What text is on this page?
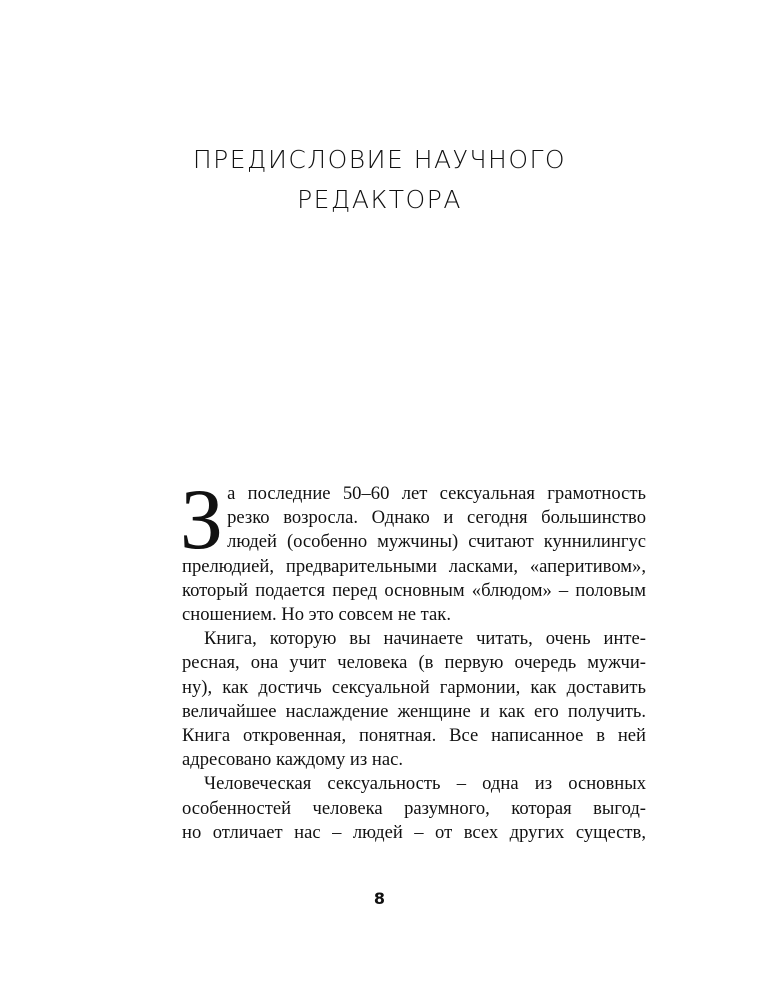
ПРЕДИСЛОВИЕ НАУЧНОГО
РЕДАКТОРА
З а последние 50–60 лет сексуальная грамотность
резко возросла. Однако и сегодня большинство
людей (особенно мужчины) считают куннилингус
прелюдией, предварительными ласками, «аперитивом»,
который подается перед основным «блюдом» – половым
сношением. Но это совсем не так.
Книга, которую вы начинаете читать, очень инте-
ресная, она учит человека (в первую очередь мужчи-
ну), как достичь сексуальной гармонии, как доставить
величайшее наслаждение женщине и как его получить.
Книга откровенная, понятная. Все написанное в ней
адресовано каждому из нас.
Человеческая сексуальность – одна из основных
особенностей человека разумного, которая выгод-
но отличает нас – людей – от всех других существ,
8
